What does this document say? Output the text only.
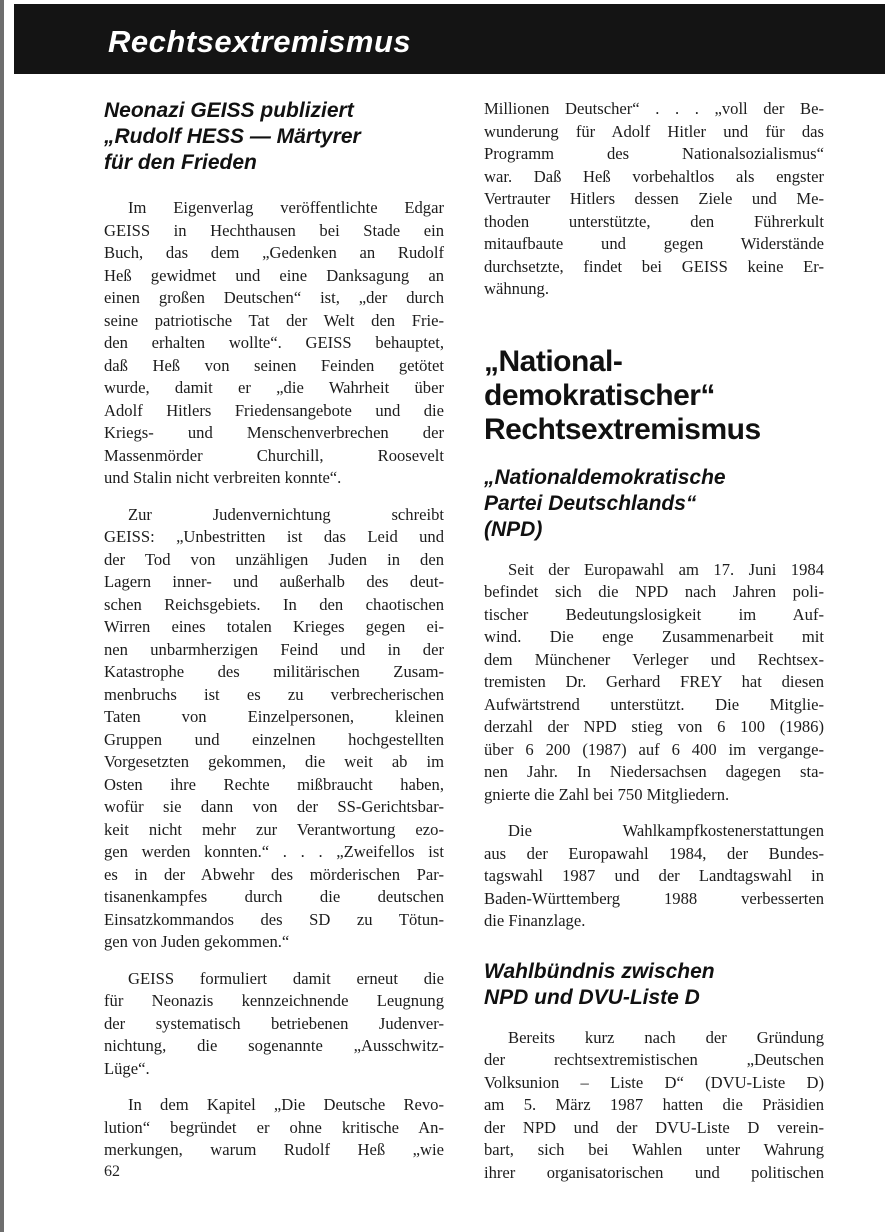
Rechtsextremismus
Neonazi GEISS publiziert
„Rudolf HESS — Märtyrer
für den Frieden
Im Eigenverlag veröffentlichte Edgar
GEISS in Hechthausen bei Stade ein
Buch, das dem „Gedenken an Rudolf
Heß gewidmet und eine Danksagung an
einen großen Deutschen“ ist, „der durch
seine patriotische Tat der Welt den Frie-
den erhalten wollte“. GEISS behauptet,
daß Heß von seinen Feinden getötet
wurde, damit er „die Wahrheit über
Adolf Hitlers Friedensangebote und die
Kriegs- und Menschenverbrechen der
Massenmörder Churchill, Roosevelt
und Stalin nicht verbreiten konnte“.
Zur Judenvernichtung schreibt
GEISS: „Unbestritten ist das Leid und
der Tod von unzähligen Juden in den
Lagern inner- und außerhalb des deut-
schen Reichsgebiets. In den chaotischen
Wirren eines totalen Krieges gegen ei-
nen unbarmherzigen Feind und in der
Katastrophe des militärischen Zusam-
menbruchs ist es zu verbrecherischen
Taten von Einzelpersonen, kleinen
Gruppen und einzelnen hochgestellten
Vorgesetzten gekommen, die weit ab im
Osten ihre Rechte mißbraucht haben,
wofür sie dann von der SS-Gerichtsbar-
keit nicht mehr zur Verantwortung ezo-
gen werden konnten.“ . . . „Zweifellos ist
es in der Abwehr des mörderischen Par-
tisanenkampfes durch die deutschen
Einsatzkommandos des SD zu Tötun-
gen von Juden gekommen.“
GEISS formuliert damit erneut die
für Neonazis kennzeichnende Leugnung
der systematisch betriebenen Judenver-
nichtung, die sogenannte „Ausschwitz-
Lüge“.
In dem Kapitel „Die Deutsche Revo-
lution“ begründet er ohne kritische An-
merkungen, warum Rudolf Heß „wie
Millionen Deutscher“ . . . „voll der Be-
wunderung für Adolf Hitler und für das
Programm des Nationalsozialismus“
war. Daß Heß vorbehaltlos als engster
Vertrauter Hitlers dessen Ziele und Me-
thoden unterstützte, den Führerkult
mitaufbaute und gegen Widerstände
durchsetzte, findet bei GEISS keine Er-
wähnung.
„National-
demokratischer“
Rechtsextremismus
„Nationaldemokratische
Partei Deutschlands“
(NPD)
Seit der Europawahl am 17. Juni 1984
befindet sich die NPD nach Jahren poli-
tischer Bedeutungslosigkeit im Auf-
wind. Die enge Zusammenarbeit mit
dem Münchener Verleger und Rechtsex-
tremisten Dr. Gerhard FREY hat diesen
Aufwärtstrend unterstützt. Die Mitglie-
derzahl der NPD stieg von 6 100 (1986)
über 6 200 (1987) auf 6 400 im vergange-
nen Jahr. In Niedersachsen dagegen sta-
gnierte die Zahl bei 750 Mitgliedern.
Die Wahlkampfkostenerstattungen
aus der Europawahl 1984, der Bundes-
tagswahl 1987 und der Landtagswahl in
Baden-Württemberg 1988 verbesserten
die Finanzlage.
Wahlbündnis zwischen
NPD und DVU-Liste D
Bereits kurz nach der Gründung
der rechtsextremistischen „Deutschen
Volksunion – Liste D“ (DVU-Liste D)
am 5. März 1987 hatten die Präsidien
der NPD und der DVU-Liste D verein-
bart, sich bei Wahlen unter Wahrung
ihrer organisatorischen und politischen
62
